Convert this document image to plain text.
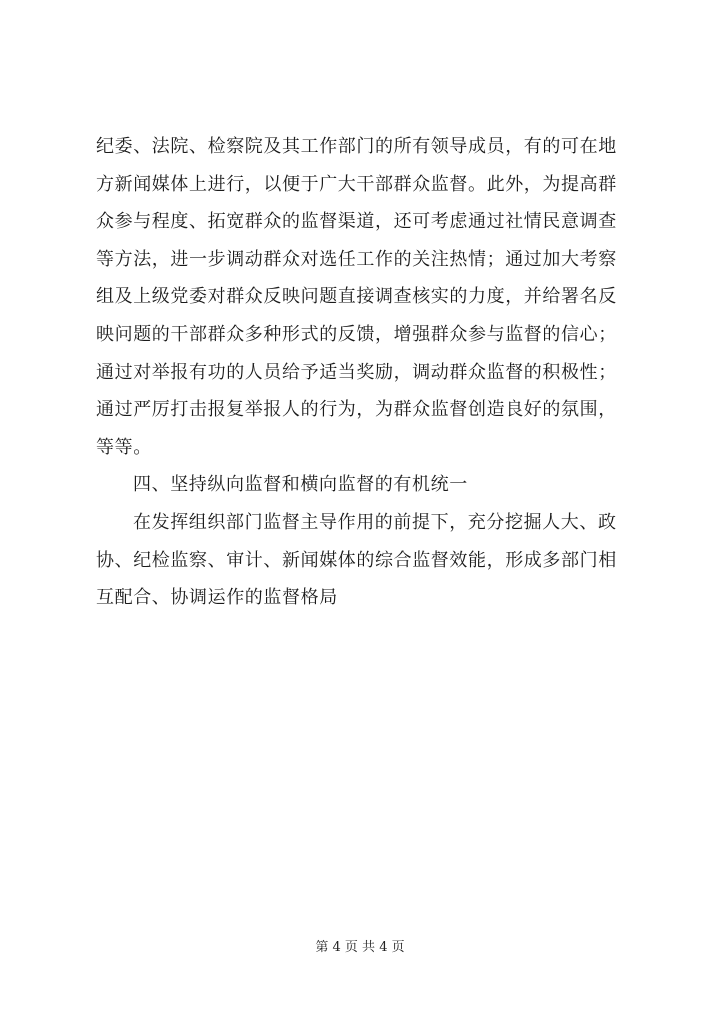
纪委、法院、检察院及其工作部门的所有领导成员，有的可在地
方新闻媒体上进行，以便于广大干部群众监督。此外，为提高群
众参与程度、拓宽群众的监督渠道，还可考虑通过社情民意调查
等方法，进一步调动群众对选任工作的关注热情；通过加大考察
组及上级党委对群众反映问题直接调查核实的力度，并给署名反
映问题的干部群众多种形式的反馈，增强群众参与监督的信心；
通过对举报有功的人员给予适当奖励，调动群众监督的积极性；
通过严厉打击报复举报人的行为，为群众监督创造良好的氛围，
等等。
四、坚持纵向监督和横向监督的有机统一
在发挥组织部门监督主导作用的前提下，充分挖掘人大、政
协、纪检监察、审计、新闻媒体的综合监督效能，形成多部门相
互配合、协调运作的监督格局
第 4 页 共 4 页
